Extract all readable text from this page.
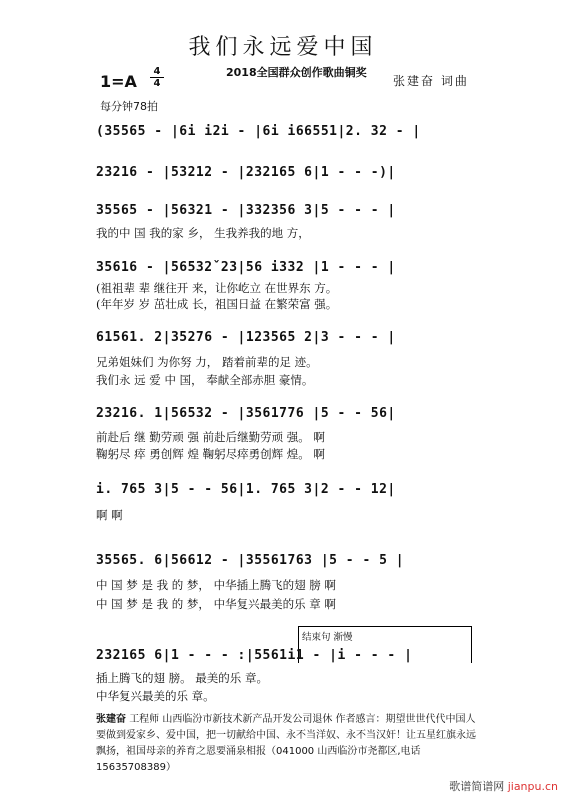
我们永远爱中国
2018全国群众创作歌曲铜奖
张建奋 词曲
1=A
4
4
每分钟78拍
(35565 - |6i i2i - |6i i66551|2. 32 - |
23216 - |53212 - |232165 6|1 - - -)|
35565 - |56321 - |332356 3|5 - - - |
我的中 国 我的家 乡， 生我养我的地 方，
35616 - |56532ˇ23|56 i332 |1 - - - |
(祖祖辈 辈 继往开 来，让你屹立 在世界东 方。
(年年岁 岁 茁壮成 长，祖国日益 在繁荣富 强。
61561. 2|35276 - |123565 2|3 - - - |
兄弟姐妹们 为你努 力， 踏着前辈的足 迹。
我们永 远 爱 中 国， 奉献全部赤胆 豪情。
23216. 1|56532 - |3561776 |5 - - 56|
前赴后 继 勤劳顽 强 前赴后继勤劳顽 强。 啊
鞠躬尽 瘁 勇创辉 煌 鞠躬尽瘁勇创辉 煌。 啊
i. 765 3|5 - - 56|1. 765 3|2 - - 12|
啊 啊
35565. 6|56612 - |35561763 |5 - - 5 |
中 国 梦 是 我 的 梦， 中华插上腾飞的翅 膀 啊
中 国 梦 是 我 的 梦， 中华复兴最美的乐 章 啊
结束句 渐慢
232165 6|1 - - - :|5561i1 - |i - - - |
插上腾飞的翅 膀。 最美的乐 章。
中华复兴最美的乐 章。
张建奋 工程师 山西临汾市新技术新产品开发公司退休 作者感言：期望世世代代中国人要做到爱家乡、爱中国，把一切献给中国、永不当洋奴、永不当汉奸！让五星红旗永远飘扬，祖国母亲的养育之恩要涌泉相报（041000 山西临汾市尧都区,电话 15635708389）
歌谱简谱网 jianpu.cn
